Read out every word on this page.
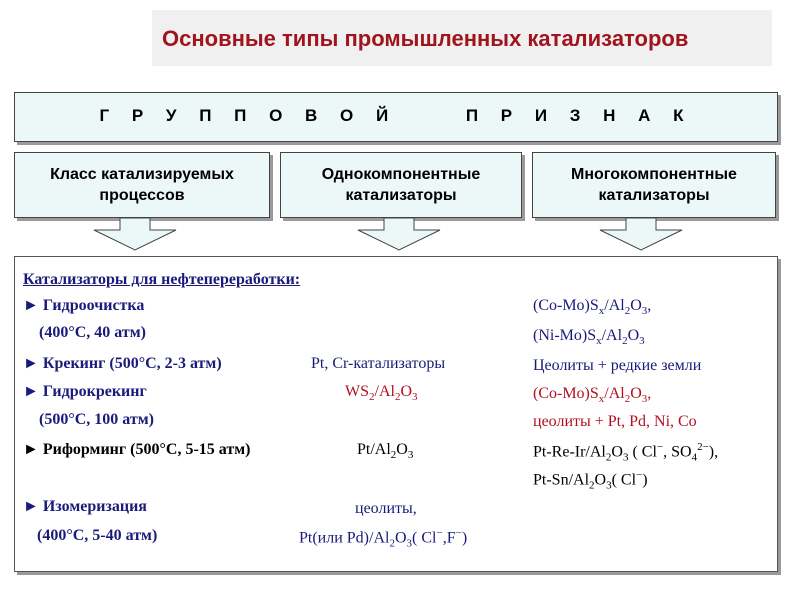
Основные типы промышленных катализаторов
Г Р У П П О В О Й     П Р И З Н А К
Класс катализируемых
процессов
Однокомпонентные
катализаторы
Многокомпонентные
катализаторы
Катализаторы для нефтепереработки:
► Гидроочистка
(400°C, 40 атм)
► Крекинг (500°C, 2-3 атм)
► Гидрокрекинг
(500°C, 100 атм)
► Риформинг (500°C, 5-15 атм)
► Изомеризация
(400°C, 5-40 атм)
Pt, Cr-катализаторы
$WS_2/Al_2O_3$
$Pt/Al_2O_3$
цеолиты,
Pt(или $Pd)/Al_2O_3$( Cl−,F−)
$(Co-Mo)S_x/Al_2O_3$,
$(Ni-Mo)S_x/Al_2O_3$
Цеолиты + редкие земли
$(Co-Mo)S_x/Al_2O_3$,
цеолиты + Pt, Pd, Ni, Co
$Pt-Re-Ir/Al_2O_3$ ( Cl−, $SO_4^{2-}$),
$Pt-Sn/Al_2O_3$( Cl−)
